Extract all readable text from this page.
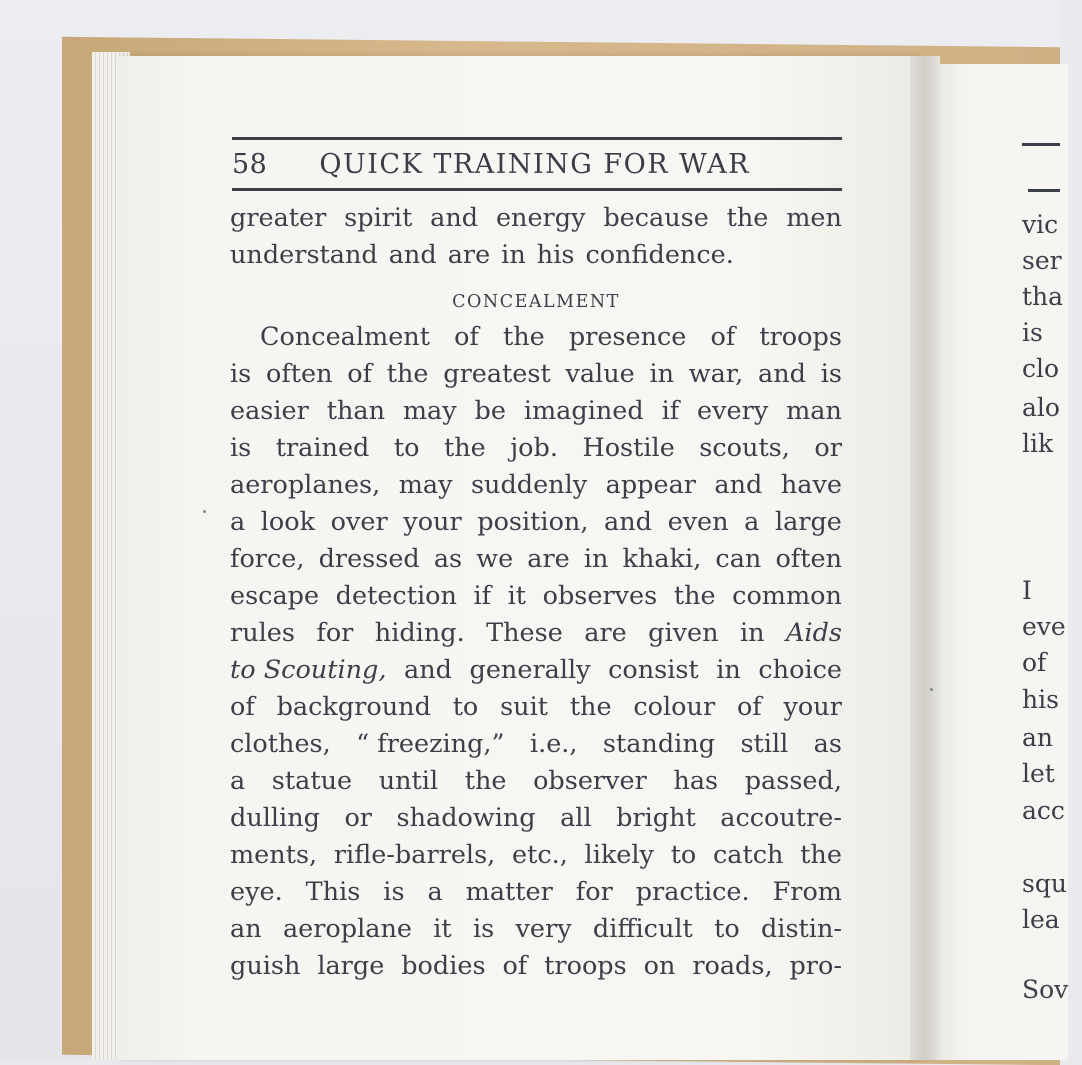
58 QUICK TRAINING FOR WAR
greater spirit and energy because the men
understand and are in his confidence.
CONCEALMENT
Concealment of the presence of troops
is often of the greatest value in war, and is
easier than may be imagined if every man
is trained to the job. Hostile scouts, or
aeroplanes, may suddenly appear and have
a look over your position, and even a large
force, dressed as we are in khaki, can often
escape detection if it observes the common
rules for hiding. These are given in Aids
to Scouting, and generally consist in choice
of background to suit the colour of your
clothes, “ freezing,” i.e., standing still as
a statue until the observer has passed,
dulling or shadowing all bright accoutre-
ments, rifle-barrels, etc., likely to catch the
eye. This is a matter for practice. From
an aeroplane it is very difficult to distin-
guish large bodies of troops on roads, pro-
vic
ser
tha
is
clo
alo
lik
I
eve
of
his
an
let
acc
squ
lea
Sov
